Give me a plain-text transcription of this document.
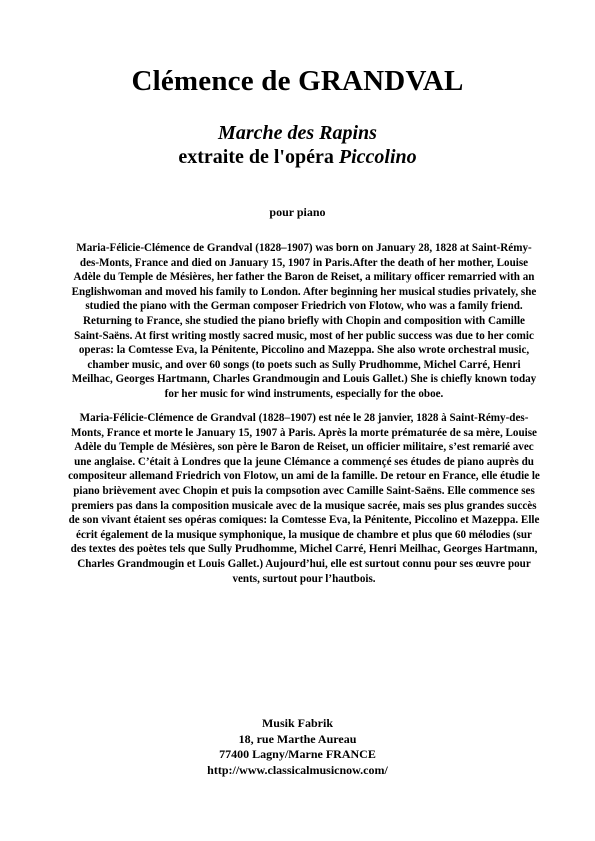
Clémence de GRANDVAL
Marche des Rapins
extraite de l'opéra Piccolino
pour piano
Maria-Félicie-Clémence de Grandval (1828–1907) was born on January 28, 1828 at Saint-Rémy-des-Monts, France and died on January 15, 1907 in Paris.After the death of her mother, Louise Adèle du Temple de Mésières, her father the Baron de Reiset, a military officer remarried with an Englishwoman and moved his family to London. After beginning her musical studies privately, she studied the piano with the German composer Friedrich von Flotow, who was a family friend. Returning to France, she studied the piano briefly with Chopin and composition with Camille Saint-Saëns. At first writing mostly sacred music, most of her public success was due to her comic operas: la Comtesse Eva, la Pénitente, Piccolino and Mazeppa. She also wrote orchestral music, chamber music, and over 60 songs (to poets such as Sully Prudhomme, Michel Carré, Henri Meilhac, Georges Hartmann, Charles Grandmougin and Louis Gallet.) She is chiefly known today for her music for wind instruments, especially for the oboe.
Maria-Félicie-Clémence de Grandval (1828–1907) est née le 28 janvier, 1828 à Saint-Rémy-des-Monts, France et morte le January 15, 1907 à Paris. Après la morte prématurée de sa mère, Louise Adèle du Temple de Mésières, son père le Baron de Reiset, un officier militaire, s’est remarié avec une anglaise. C’était à Londres que la jeune Clémance a commençé ses études de piano auprès du compositeur allemand Friedrich von Flotow, un ami de la famille. De retour en France, elle étudie le piano brièvement avec Chopin et puis la compsotion avec Camille Saint-Saëns. Elle commence ses premiers pas dans la composition musicale avec de la musique sacrée, mais ses plus grandes succès de son vivant étaient ses opéras comiques: la Comtesse Eva, la Pénitente, Piccolino et Mazeppa. Elle écrit également de la musique symphonique, la musique de chambre et plus que 60 mélodies (sur des textes des poètes tels que Sully Prudhomme, Michel Carré, Henri Meilhac, Georges Hartmann, Charles Grandmougin et Louis Gallet.) Aujourd’hui, elle est surtout connu pour ses œuvre pour vents, surtout pour l’hautbois.
Musik Fabrik
18, rue Marthe Aureau
77400 Lagny/Marne FRANCE
http://www.classicalmusicnow.com/
